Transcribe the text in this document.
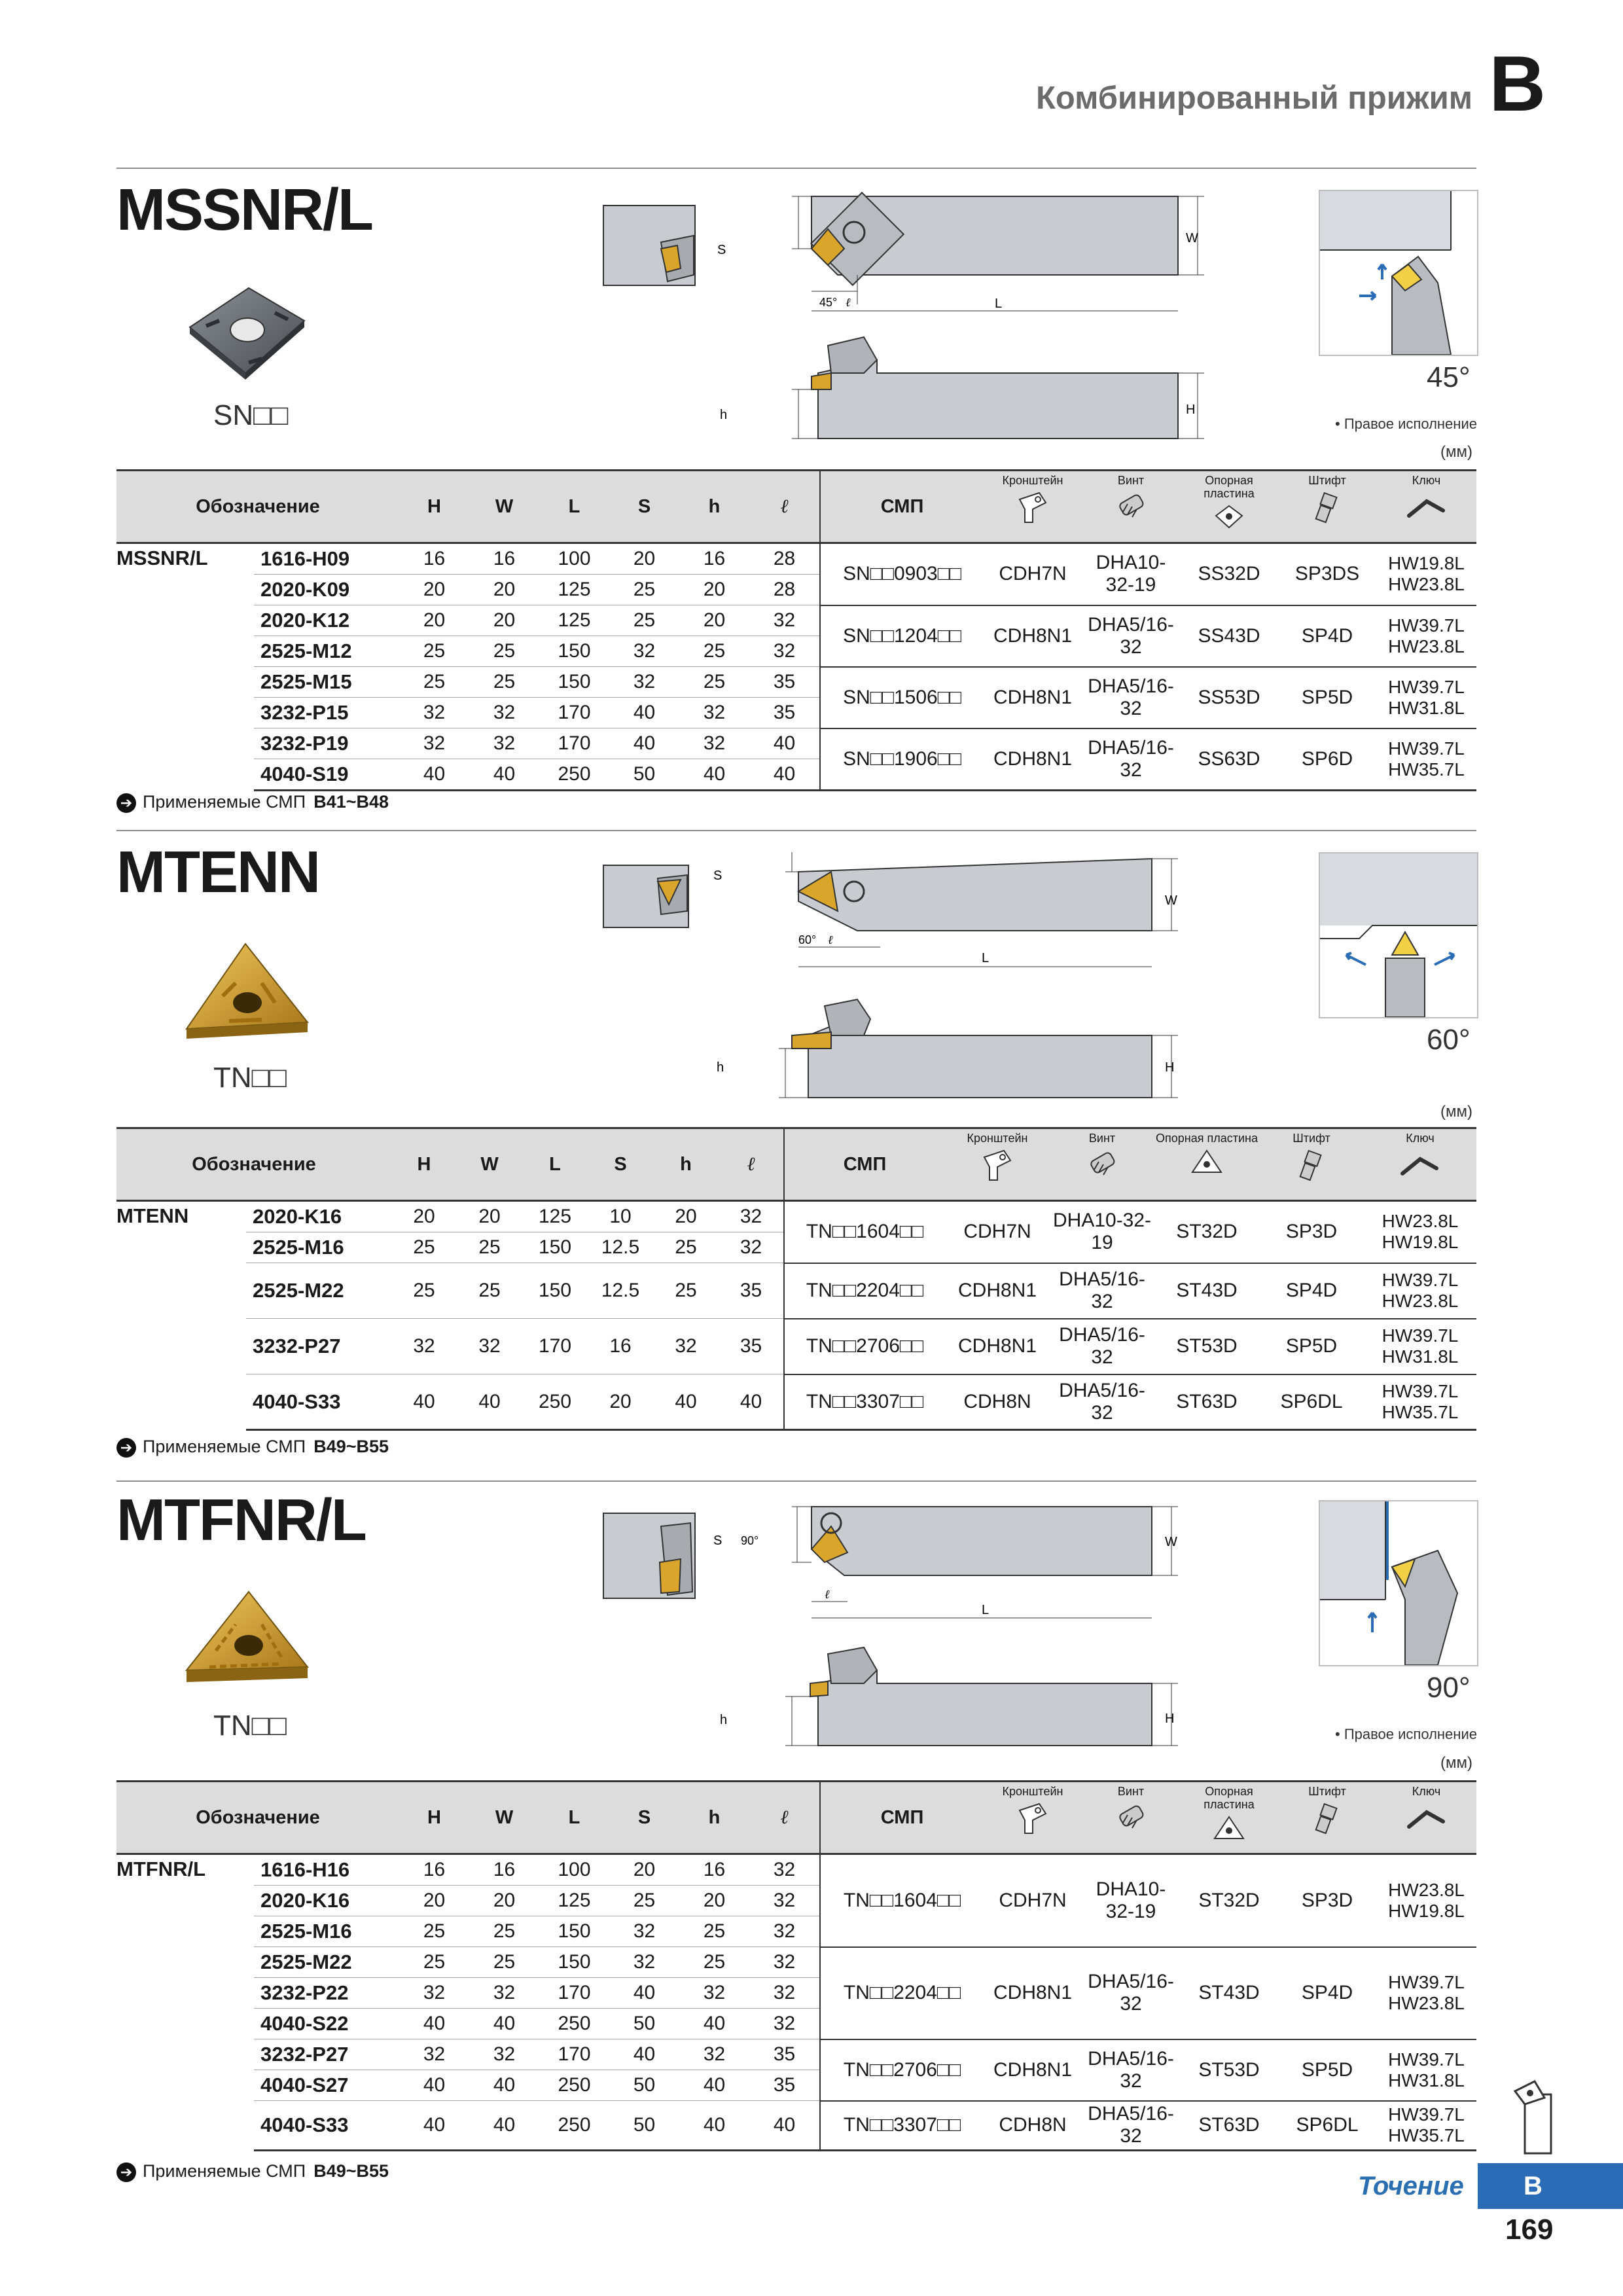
Комбинированный прижим B
MSSNR/L
SN□□
S
W
L
45° ℓ
h	H
45°
• Правое исполнение
(мм)
Обозначение		H	W	L	S	h	ℓ	СМП	Кронштейн	Винт	Опорная пластина	Штифт	Ключ

MSSNR/L	1616-H09	16	16	100	20	16	28	SN□□0903□□	CDH7N	DHA10-32-19	SS32D	SP3DS	HW19.8L
HW23.8L
	2020-K09	20	20	125	25	20	28						
	2020-K12	20	20	125	25	20	32	SN□□1204□□	CDH8N1	DHA5/16-32	SS43D	SP4D	HW39.7L
HW23.8L
	2525-M12	25	25	150	32	25	32						
	2525-M15	25	25	150	32	25	35	SN□□1506□□	CDH8N1	DHA5/16-32	SS53D	SP5D	HW39.7L
HW31.8L
	3232-P15	32	32	170	40	32	35						
	3232-P19	32	32	170	40	32	40	SN□□1906□□	CDH8N1	DHA5/16-32	SS63D	SP6D	HW39.7L
HW35.7L
	4040-S19	40	40	250	50	40	40						
➔ Применяемые СМП B41~B48
MTENN
TN□□
S
W
L
60° ℓ
h	H
60°
(мм)
Обозначение		H	W	L	S	h	ℓ	СМП	Кронштейн	Винт	Опорная пластина	Штифт	Ключ

MTENN	2020-K16	20	20	125	10	20	32	TN□□1604□□	CDH7N	DHA10-32-19	ST32D	SP3D	HW23.8L
HW19.8L
	2525-M16	25	25	150	12.5	25	32						
	2525-M22	25	25	150	12.5	25	35	TN□□2204□□	CDH8N1	DHA5/16-32	ST43D	SP4D	HW39.7L
HW23.8L
	3232-P27	32	32	170	16	32	35	TN□□2706□□	CDH8N1	DHA5/16-32	ST53D	SP5D	HW39.7L
HW31.8L
	4040-S33	40	40	250	20	40	40	TN□□3307□□	CDH8N	DHA5/16-32	ST63D	SP6DL	HW39.7L
HW35.7L
➔ Применяемые СМП B49~B55
MTFNR/L
TN□□
S 90°	W
L
ℓ
h	H
90°
• Правое исполнение
(мм)
Обозначение		H	W	L	S	h	ℓ	СМП	Кронштейн	Винт	Опорная пластина	Штифт	Ключ

MTFNR/L	1616-H16	16	16	100	20	16	32	TN□□1604□□	CDH7N	DHA10-32-19	ST32D	SP3D	HW23.8L
HW19.8L
	2020-K16	20	20	125	25	20	32						
	2525-M16	25	25	150	32	25	32						
	2525-M22	25	25	150	32	25	32	TN□□2204□□	CDH8N1	DHA5/16-32	ST43D	SP4D	HW39.7L
HW23.8L
	3232-P22	32	32	170	40	32	32						
	4040-S22	40	40	250	50	40	32						
	3232-P27	32	32	170	40	32	35	TN□□2706□□	CDH8N1	DHA5/16-32	ST53D	SP5D	HW39.7L
HW31.8L
	4040-S27	40	40	250	50	40	35						
	4040-S33	40	40	250	50	40	40	TN□□3307□□	CDH8N	DHA5/16-32	ST63D	SP6DL	HW39.7L
HW35.7L
➔ Применяемые СМП B49~B55
Точение	B
169
